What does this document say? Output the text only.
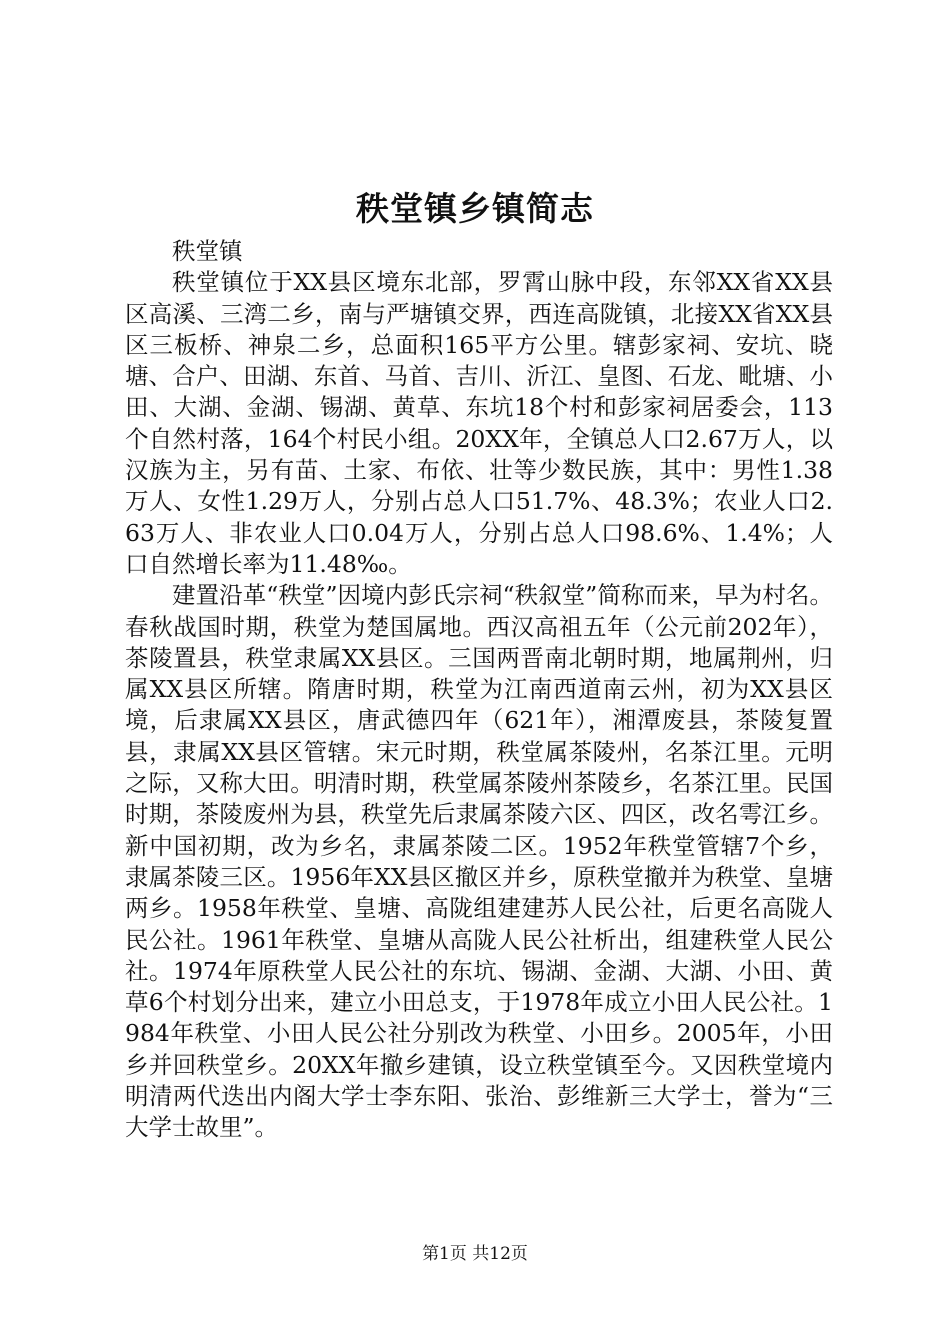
秩堂镇乡镇简志

秩堂镇

秩堂镇位于XX县区境东北部，罗霄山脉中段，东邻XX省XX县区高溪、三湾二乡，南与严塘镇交界，西连高陇镇，北接XX省XX县区三板桥、神泉二乡，总面积165平方公里。辖彭家祠、安坑、晓塘、合户、田湖、东首、马首、吉川、沂江、皇图、石龙、毗塘、小田、大湖、金湖、锡湖、黄草、东坑18个村和彭家祠居委会，113个自然村落，164个村民小组。20XX年，全镇总人口2.67万人，以汉族为主，另有苗、土家、布依、壮等少数民族，其中：男性1.38万人、女性1.29万人，分别占总人口51.7%、48.3%；农业人口2.63万人、非农业人口0.04万人，分别占总人口98.6%、1.4%；人口自然增长率为11.48‰。

建置沿革“秩堂”因境内彭氏宗祠“秩叙堂”简称而来，早为村名。春秋战国时期，秩堂为楚国属地。西汉高祖五年（公元前202年），茶陵置县，秩堂隶属XX县区。三国两晋南北朝时期，地属荆州，归属XX县区所辖。隋唐时期，秩堂为江南西道南云州，初为XX县区境，后隶属XX县区，唐武德四年（621年），湘潭废县，茶陵复置县，隶属XX县区管辖。宋元时期，秩堂属茶陵州，名茶江里。元明之际，又称大田。明清时期，秩堂属茶陵州茶陵乡，名茶江里。民国时期，茶陵废州为县，秩堂先后隶属茶陵六区、四区，改名雩江乡。新中国初期，改为乡名，隶属茶陵二区。1952年秩堂管辖7个乡，隶属茶陵三区。1956年XX县区撤区并乡，原秩堂撤并为秩堂、皇塘两乡。1958年秩堂、皇塘、高陇组建建苏人民公社，后更名高陇人民公社。1961年秩堂、皇塘从高陇人民公社析出，组建秩堂人民公社。1974年原秩堂人民公社的东坑、锡湖、金湖、大湖、小田、黄草6个村划分出来，建立小田总支，于1978年成立小田人民公社。1984年秩堂、小田人民公社分别改为秩堂、小田乡。2005年，小田乡并回秩堂乡。20XX年撤乡建镇，设立秩堂镇至今。又因秩堂境内明清两代迭出内阁大学士李东阳、张治、彭维新三大学士，誉为“三大学士故里”。

第1页 共12页
